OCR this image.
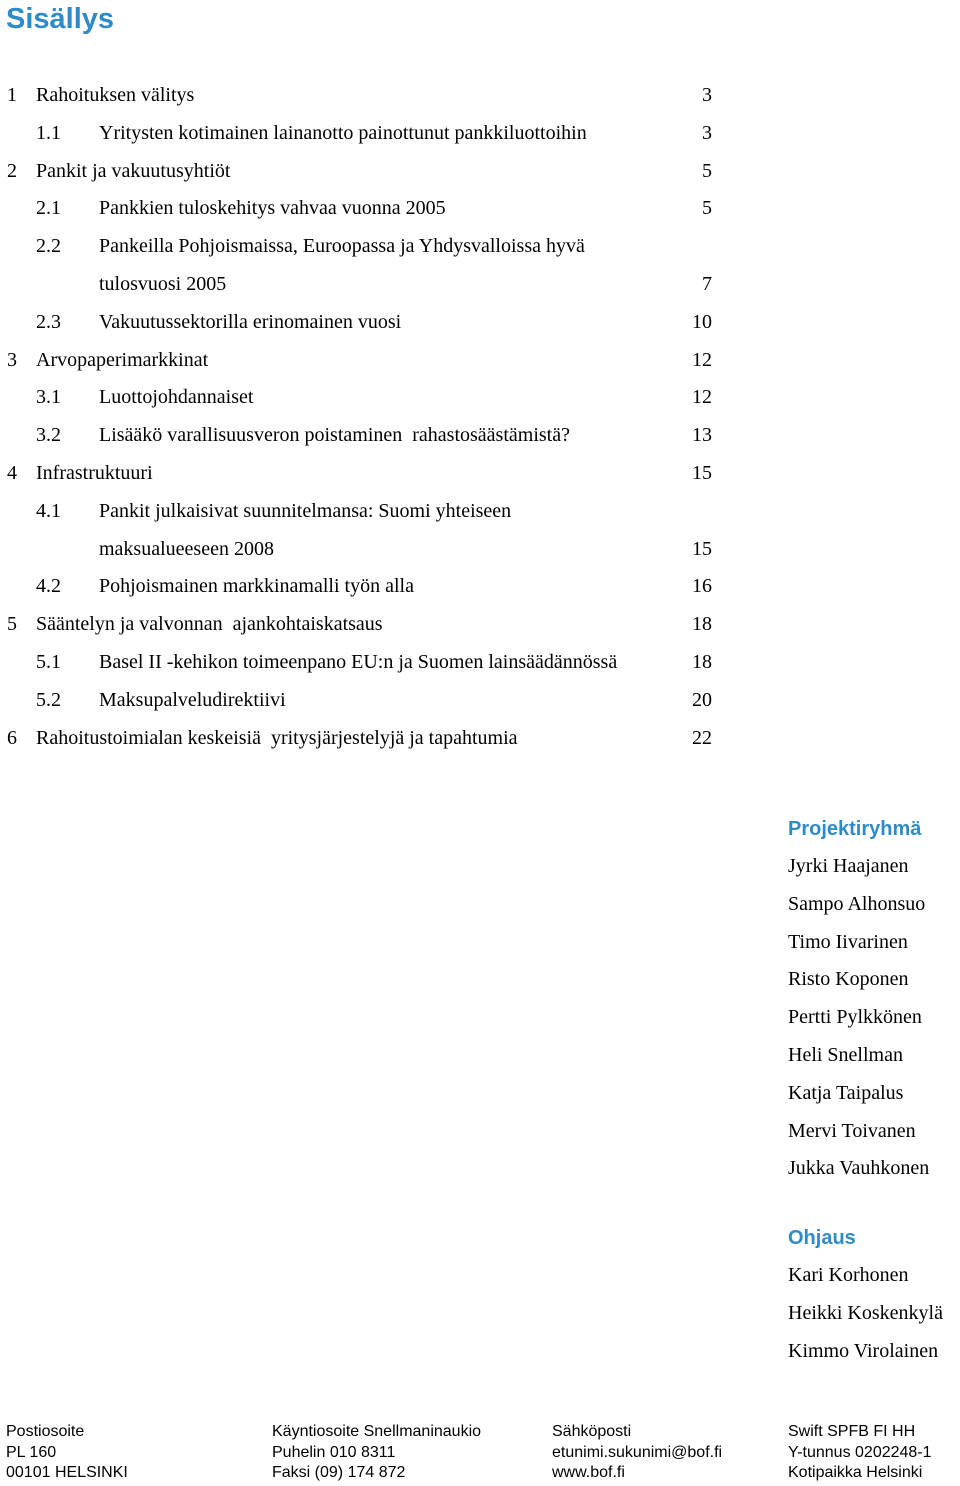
Sisällys
1 Rahoituksen välitys	3
1.1 Yritysten kotimainen lainanotto painottunut pankkiluottoihin	3
2 Pankit ja vakuutusyhtiöt	5
2.1 Pankkien tuloskehitys vahvaa vuonna 2005	5
2.2 Pankeilla Pohjoismaissa, Euroopassa ja Yhdysvalloissa hyvä
tulosvuosi 2005	7
2.3 Vakuutussektorilla erinomainen vuosi	10
3 Arvopaperimarkkinat	12
3.1 Luottojohdannaiset	12
3.2 Lisääkö varallisuusveron poistaminen  rahastosäästämistä?	13
4 Infrastruktuuri	15
4.1 Pankit julkaisivat suunnitelmansa: Suomi yhteiseen
maksualueeseen 2008	15
4.2 Pohjoismainen markkinamalli työn alla	16
5 Sääntelyn ja valvonnan  ajankohtaiskatsaus	18
5.1 Basel II -kehikon toimeenpano EU:n ja Suomen lainsäädännössä	18
5.2 Maksupalveludirektiivi	20
6 Rahoitustoimialan keskeisiä  yritysjärjestelyjä ja tapahtumia	22
Projektiryhmä
Jyrki Haajanen
Sampo Alhonsuo
Timo Iivarinen
Risto Koponen
Pertti Pylkkönen
Heli Snellman
Katja Taipalus
Mervi Toivanen
Jukka Vauhkonen
Ohjaus
Kari Korhonen
Heikki Koskenkylä
Kimmo Virolainen
Postiosoite
PL 160
00101 HELSINKI
Käyntiosoite Snellmaninaukio
Puhelin 010 8311
Faksi (09) 174 872
Sähköposti
etunimi.sukunimi@bof.fi
www.bof.fi
Swift SPFB FI HH
Y-tunnus 0202248-1
Kotipaikka Helsinki
